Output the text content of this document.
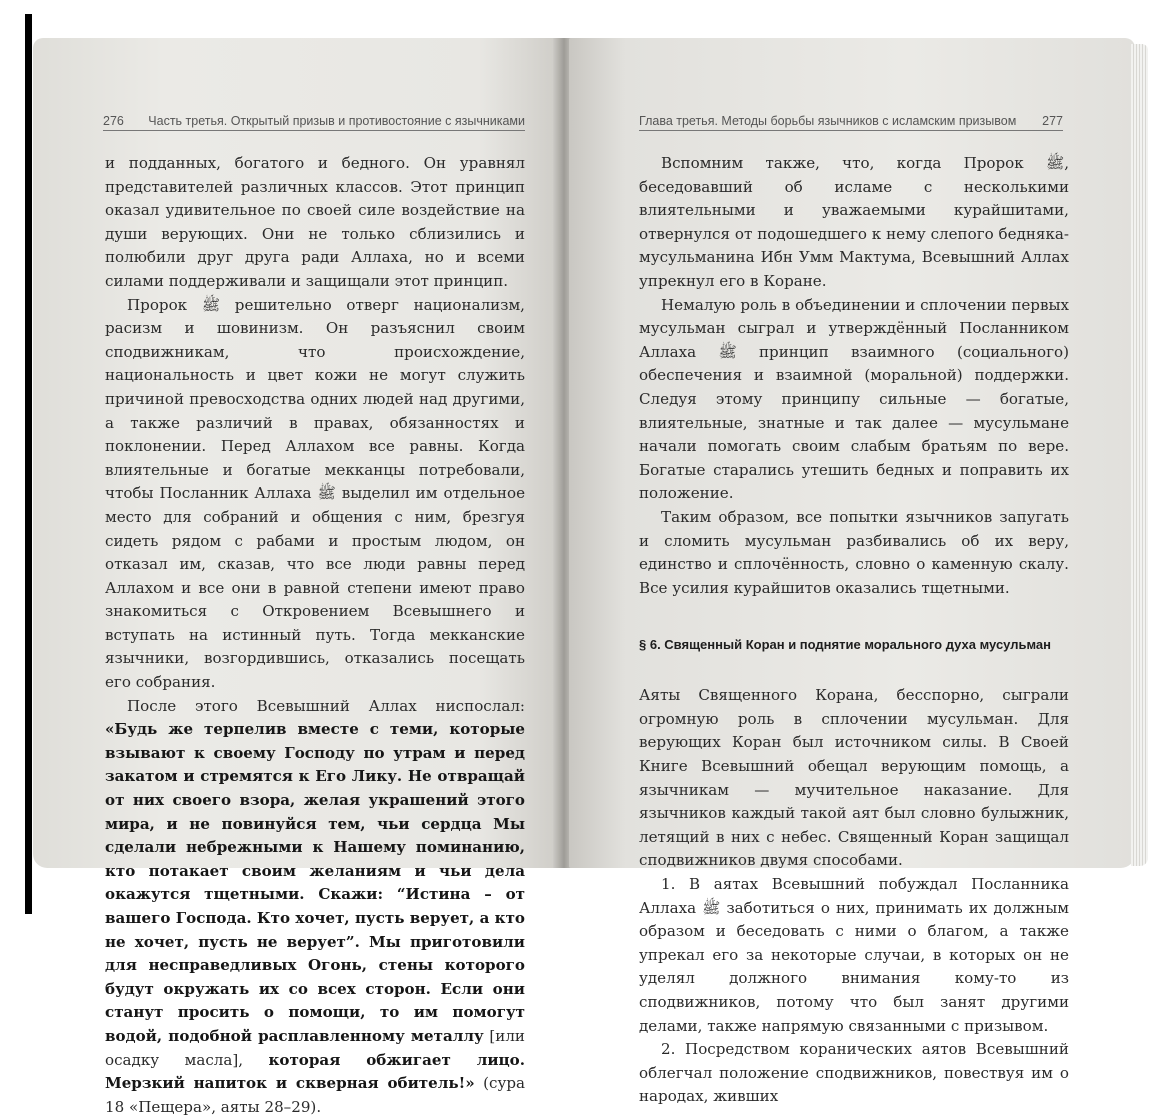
276 Часть третья. Открытый призыв и противостояние с язычниками

и подданных, богатого и бедного. Он уравнял представителей различных классов. Этот принцип оказал удивительное по своей силе воздействие на души верующих. Они не только сблизились и полюбили друг друга ради Аллаха, но и всеми силами поддерживали и защищали этот принцип.

Пророк ﷺ решительно отверг национализм, расизм и шовинизм. Он разъяснил своим сподвижникам, что происхождение, национальность и цвет кожи не могут служить причиной превосходства одних людей над другими, а также различий в правах, обязанностях и поклонении. Перед Аллахом все равны. Когда влиятельные и богатые мекканцы потребовали, чтобы Посланник Аллаха ﷺ выделил им отдельное место для собраний и общения с ним, брезгуя сидеть рядом с рабами и простым людом, он отказал им, сказав, что все люди равны перед Аллахом и все они в равной степени имеют право знакомиться с Откровением Всевышнего и вступать на истинный путь. Тогда мекканские язычники, возгордившись, отказались посещать его собрания.

После этого Всевышний Аллах ниспослал: «Будь же терпелив вместе с теми, которые взывают к своему Господу по утрам и перед закатом и стремятся к Его Лику. Не отвращай от них своего взора, желая украшений этого мира, и не повинуйся тем, чьи сердца Мы сделали небрежными к Нашему поминанию, кто потакает своим желаниям и чьи дела окажутся тщетными. Скажи: “Истина – от вашего Господа. Кто хочет, пусть верует, а кто не хочет, пусть не верует”. Мы приготовили для несправедливых Огонь, стены которого будут окружать их со всех сторон. Если они станут просить о помощи, то им помогут водой, подобной расплавленному металлу [или осадку масла], которая обжигает лицо. Мерзкий напиток и скверная обитель!» (сура 18 «Пещера», аяты 28–29).

Глава третья. Методы борьбы язычников с исламским призывом 277

Вспомним также, что, когда Пророк ﷺ, беседовавший об исламе с несколькими влиятельными и уважаемыми курайшитами, отвернулся от подошедшего к нему слепого бедняка-мусульманина Ибн Умм Мактума, Всевышний Аллах упрекнул его в Коране.

Немалую роль в объединении и сплочении первых мусульман сыграл и утверждённый Посланником Аллаха ﷺ принцип взаимного (социального) обеспечения и взаимной (моральной) поддержки. Следуя этому принципу сильные — богатые, влиятельные, знатные и так далее — мусульмане начали помогать своим слабым братьям по вере. Богатые старались утешить бедных и поправить их положение.

Таким образом, все попытки язычников запугать и сломить мусульман разбивались об их веру, единство и сплочённость, словно о каменную скалу. Все усилия курайшитов оказались тщетными.

§ 6. Священный Коран и поднятие морального духа мусульман

Аяты Священного Корана, бесспорно, сыграли огромную роль в сплочении мусульман. Для верующих Коран был источником силы. В Своей Книге Всевышний обещал верующим помощь, а язычникам — мучительное наказание. Для язычников каждый такой аят был словно булыжник, летящий в них с небес. Священный Коран защищал сподвижников двумя способами.

1. В аятах Всевышний побуждал Посланника Аллаха ﷺ заботиться о них, принимать их должным образом и беседовать с ними о благом, а также упрекал его за некоторые случаи, в которых он не уделял должного внимания кому-то из сподвижников, потому что был занят другими делами, также напрямую связанными с призывом.

2. Посредством коранических аятов Всевышний облегчал положение сподвижников, повествуя им о народах, живших
